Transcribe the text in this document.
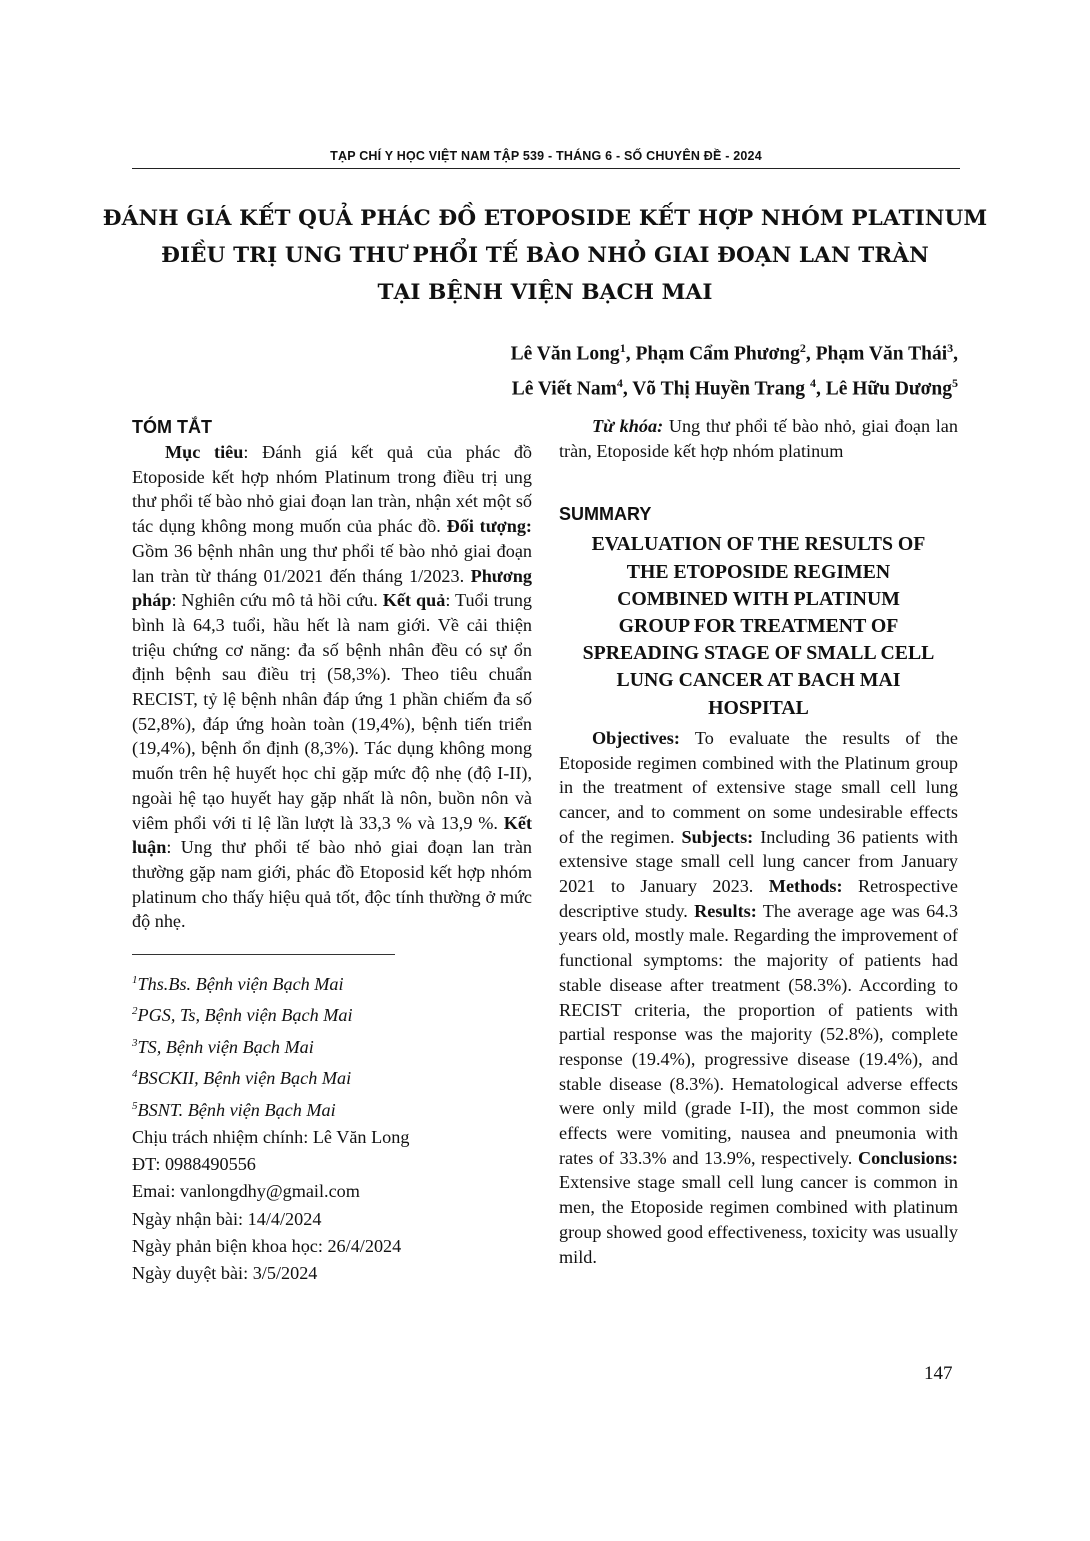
TẠP CHÍ Y HỌC VIỆT NAM TẬP 539 - THÁNG 6 - SỐ CHUYÊN ĐỀ - 2024
ĐÁNH GIÁ KẾT QUẢ PHÁC ĐỒ ETOPOSIDE KẾT HỢP NHÓM PLATINUM
ĐIỀU TRỊ UNG THƯ PHỔI TẾ BÀO NHỎ GIAI ĐOẠN LAN TRÀN
TẠI BỆNH VIỆN BẠCH MAI
Lê Văn Long$^1$, Phạm Cẩm Phương$^2$, Phạm Văn Thái$^3$,
Lê Viết Nam$^4$, Võ Thị Huyền Trang $^4$, Lê Hữu Dương$^5$
TÓM TẮT

Mục tiêu: Đánh giá kết quả của phác đồ Etoposide kết hợp nhóm Platinum trong điều trị ung thư phổi tế bào nhỏ giai đoạn lan tràn, nhận xét một số tác dụng không mong muốn của phác đồ. Đối tượng: Gồm 36 bệnh nhân ung thư phổi tế bào nhỏ giai đoạn lan tràn từ tháng 01/2021 đến tháng 1/2023. Phương pháp: Nghiên cứu mô tả hồi cứu. Kết quả: Tuổi trung bình là 64,3 tuổi, hầu hết là nam giới. Về cải thiện triệu chứng cơ năng: đa số bệnh nhân đều có sự ổn định bệnh sau điều trị (58,3%). Theo tiêu chuẩn RECIST, tỷ lệ bệnh nhân đáp ứng 1 phần chiếm đa số (52,8%), đáp ứng hoàn toàn (19,4%), bệnh tiến triển (19,4%), bệnh ổn định (8,3%). Tác dụng không mong muốn trên hệ huyết học chỉ gặp mức độ nhẹ (độ I-II), ngoài hệ tạo huyết hay gặp nhất là nôn, buồn nôn và viêm phổi với tỉ lệ lần lượt là 33,3 % và 13,9 %. Kết luận: Ung thư phổi tế bào nhỏ giai đoạn lan tràn thường gặp nam giới, phác đồ Etoposid kết hợp nhóm platinum cho thấy hiệu quả tốt, độc tính thường ở mức độ nhẹ.

$^1$Ths.Bs. Bệnh viện Bạch Mai
$^2$PGS, Ts, Bệnh viện Bạch Mai
$^3$TS, Bệnh viện Bạch Mai
$^4$BSCKII, Bệnh viện Bạch Mai
$^5$BSNT. Bệnh viện Bạch Mai
Chịu trách nhiệm chính: Lê Văn Long
ĐT: 0988490556
Emai: vanlongdhy@gmail.com
Ngày nhận bài: 14/4/2024
Ngày phản biện khoa học: 26/4/2024
Ngày duyệt bài: 3/5/2024

Từ khóa: Ung thư phổi tế bào nhỏ, giai đoạn lan tràn, Etoposide kết hợp nhóm platinum

SUMMARY
EVALUATION OF THE RESULTS OF
THE ETOPOSIDE REGIMEN
COMBINED WITH PLATINUM
GROUP FOR TREATMENT OF
SPREADING STAGE OF SMALL CELL
LUNG CANCER AT BACH MAI
HOSPITAL

Objectives: To evaluate the results of the Etoposide regimen combined with the Platinum group in the treatment of extensive stage small cell lung cancer, and to comment on some undesirable effects of the regimen. Subjects: Including 36 patients with extensive stage small cell lung cancer from January 2021 to January 2023. Methods: Retrospective descriptive study. Results: The average age was 64.3 years old, mostly male. Regarding the improvement of functional symptoms: the majority of patients had stable disease after treatment (58.3%). According to RECIST criteria, the proportion of patients with partial response was the majority (52.8%), complete response (19.4%), progressive disease (19.4%), and stable disease (8.3%). Hematological adverse effects were only mild (grade I-II), the most common side effects were vomiting, nausea and pneumonia with rates of 33.3% and 13.9%, respectively. Conclusions: Extensive stage small cell lung cancer is common in men, the Etoposide regimen combined with platinum group showed good effectiveness, toxicity was usually mild.

147
